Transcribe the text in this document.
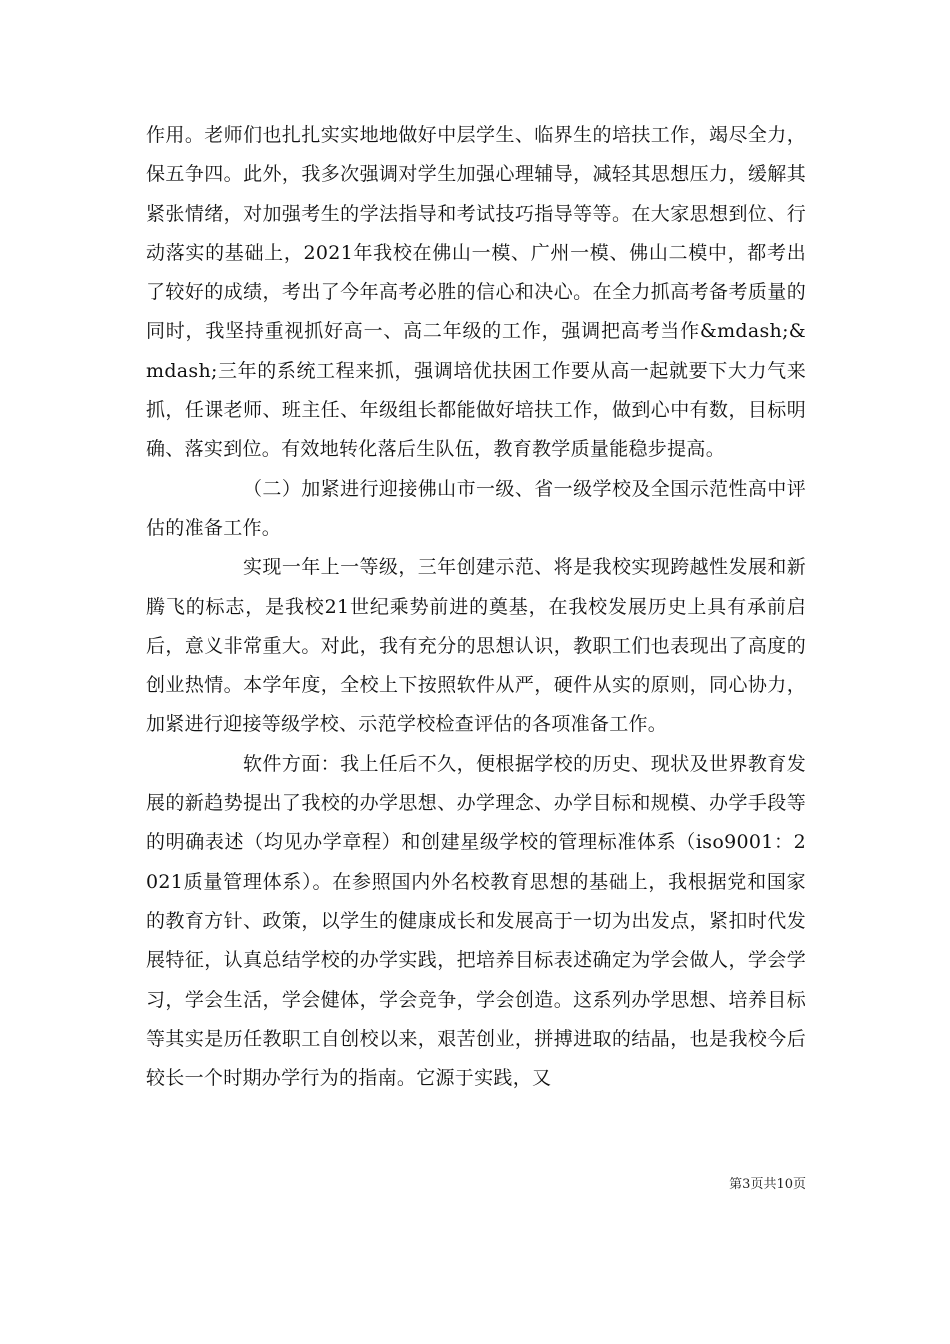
作用。老师们也扎扎实实地地做好中层学生、临界生的培扶工作，竭尽全力，保五争四。此外，我多次强调对学生加强心理辅导，减轻其思想压力，缓解其紧张情绪，对加强考生的学法指导和考试技巧指导等等。在大家思想到位、行动落实的基础上，2021年我校在佛山一模、广州一模、佛山二模中，都考出了较好的成绩，考出了今年高考必胜的信心和决心。在全力抓高考备考质量的同时，我坚持重视抓好高一、高二年级的工作，强调把高考当作&mdash;&mdash;三年的系统工程来抓，强调培优扶困工作要从高一起就要下大力气来抓，任课老师、班主任、年级组长都能做好培扶工作，做到心中有数，目标明确、落实到位。有效地转化落后生队伍，教育教学质量能稳步提高。

（二）加紧进行迎接佛山市一级、省一级学校及全国示范性高中评估的准备工作。

实现一年上一等级，三年创建示范、将是我校实现跨越性发展和新腾飞的标志，是我校21世纪乘势前进的奠基，在我校发展历史上具有承前启后，意义非常重大。对此，我有充分的思想认识，教职工们也表现出了高度的创业热情。本学年度，全校上下按照软件从严，硬件从实的原则，同心协力，加紧进行迎接等级学校、示范学校检查评估的各项准备工作。

软件方面：我上任后不久，便根据学校的历史、现状及世界教育发展的新趋势提出了我校的办学思想、办学理念、办学目标和规模、办学手段等的明确表述（均见办学章程）和创建星级学校的管理标准体系（iso9001：2021质量管理体系）。在参照国内外名校教育思想的基础上，我根据党和国家的教育方针、政策，以学生的健康成长和发展高于一切为出发点，紧扣时代发展特征，认真总结学校的办学实践，把培养目标表述确定为学会做人，学会学习，学会生活，学会健体，学会竞争，学会创造。这系列办学思想、培养目标等其实是历任教职工自创校以来，艰苦创业，拼搏进取的结晶，也是我校今后较长一个时期办学行为的指南。它源于实践，又

第3页共10页
